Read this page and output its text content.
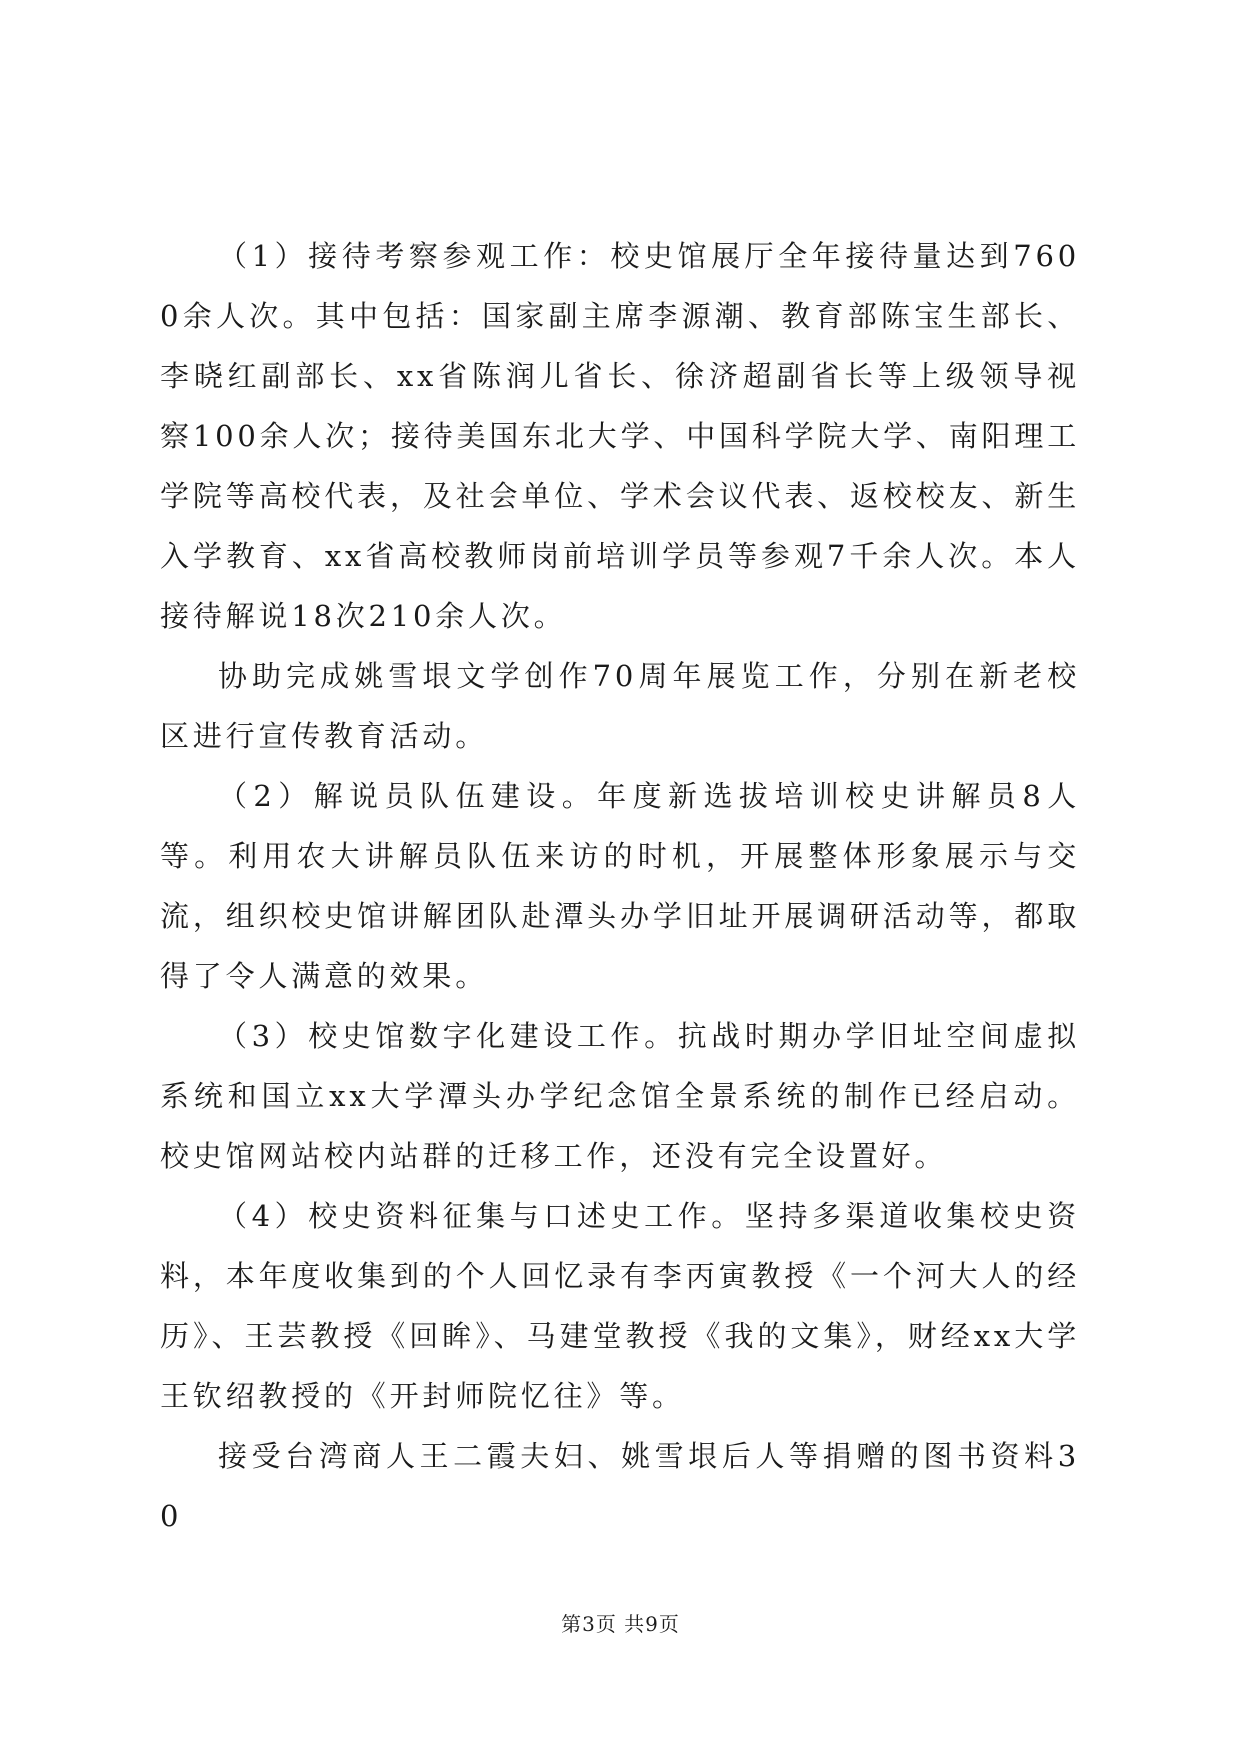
（1）接待考察参观工作：校史馆展厅全年接待量达到7600余人次。其中包括：国家副主席李源潮、教育部陈宝生部长、李晓红副部长、xx省陈润儿省长、徐济超副省长等上级领导视察100余人次；接待美国东北大学、中国科学院大学、南阳理工学院等高校代表，及社会单位、学术会议代表、返校校友、新生入学教育、xx省高校教师岗前培训学员等参观7千余人次。本人接待解说18次210余人次。

协助完成姚雪垠文学创作70周年展览工作，分别在新老校区进行宣传教育活动。

（2）解说员队伍建设。年度新选拔培训校史讲解员8人等。利用农大讲解员队伍来访的时机，开展整体形象展示与交流，组织校史馆讲解团队赴潭头办学旧址开展调研活动等，都取得了令人满意的效果。

（3）校史馆数字化建设工作。抗战时期办学旧址空间虚拟系统和国立xx大学潭头办学纪念馆全景系统的制作已经启动。校史馆网站校内站群的迁移工作，还没有完全设置好。

（4）校史资料征集与口述史工作。坚持多渠道收集校史资料，本年度收集到的个人回忆录有李丙寅教授《一个河大人的经历》、王芸教授《回眸》、马建堂教授《我的文集》，财经xx大学王钦绍教授的《开封师院忆往》等。

接受台湾商人王二霞夫妇、姚雪垠后人等捐赠的图书资料30

第3页 共9页
